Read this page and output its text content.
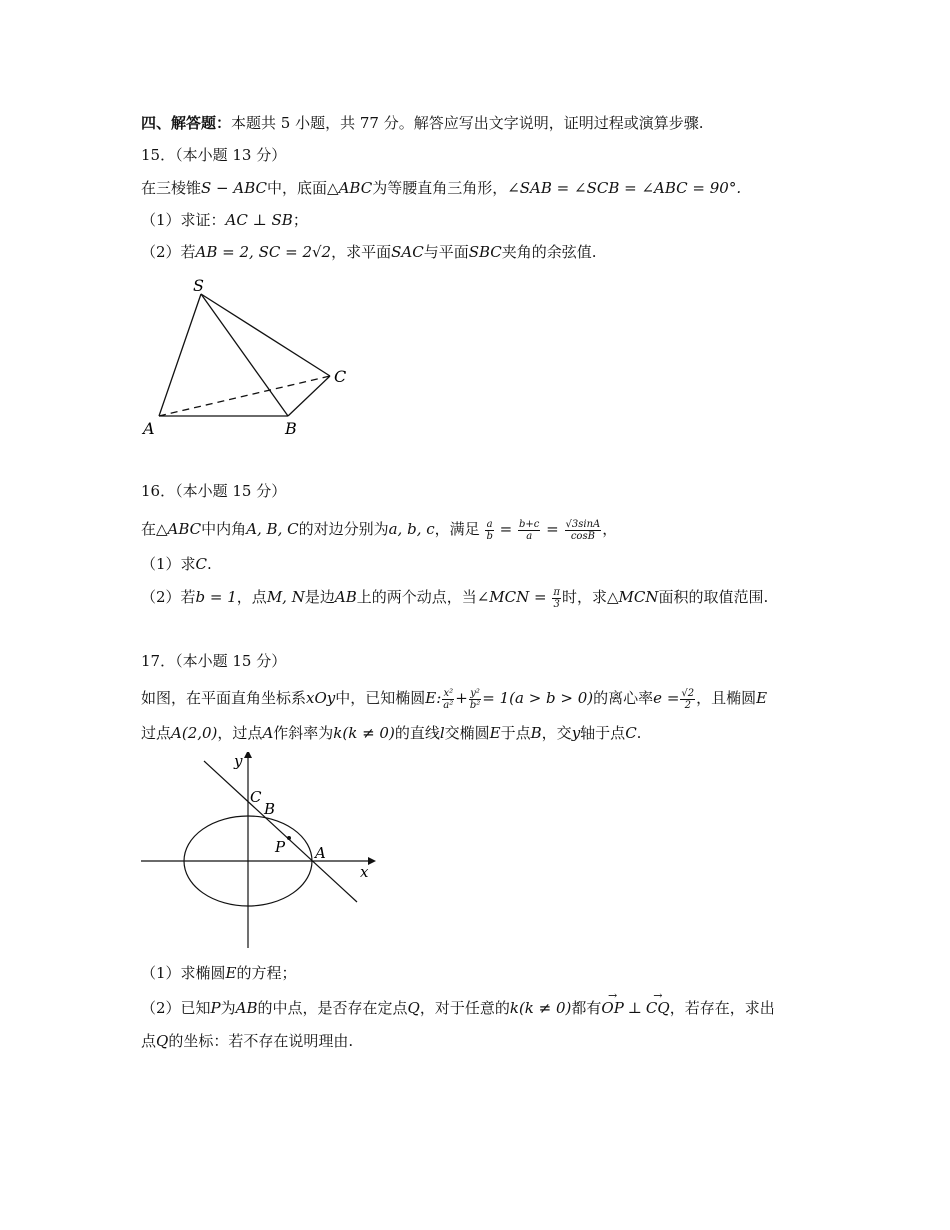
四、解答题：本题共 5 小题，共 77 分。解答应写出文字说明，证明过程或演算步骤.
15．（本小题 13 分）
在三棱锥S − ABC中，底面△ABC为等腰直角三角形，∠SAB = ∠SCB = ∠ABC = 90°.
（1）求证：AC ⊥ SB；
（2）若AB = 2, SC = 2√2，求平面SAC与平面SBC夹角的余弦值.
S
A	B
C
16．（本小题 15 分）
在△ABC中内角A, B, C的对边分别为a, b, c，满足 $\frac{a}{b} = \frac{b+c}{a} = \frac{√3\sin A}{\cos B}$ ，
（1）求C.
（2）若b = 1，点M, N是边AB上的两个动点，当∠MCN = $\frac{\pi}{3}$ 时，求△MCN面积的取值范围.
17．（本小题 15 分）
如图，在平面直角坐标系xOy中，已知椭圆E: $\frac{\text{x²}}{\text{a²}} + \frac{\text{y²}}{\text{b²}} = 1(a > b > 0)$的离心率$e = \frac{√2}{2}$ ，且椭圆E
过点A(2,0)，过点A作斜率为k(k ≠ 0)的直线l交椭圆E于点B，交y轴于点C.
y
x
C
B
P A
（1）求椭圆E的方程；
（2）已知P为AB的中点，是否存在定点Q，对于任意的k(k ≠ 0)都有→ OP ⊥→ CQ，若存在，求出
点Q的坐标：若不存在说明理由.
